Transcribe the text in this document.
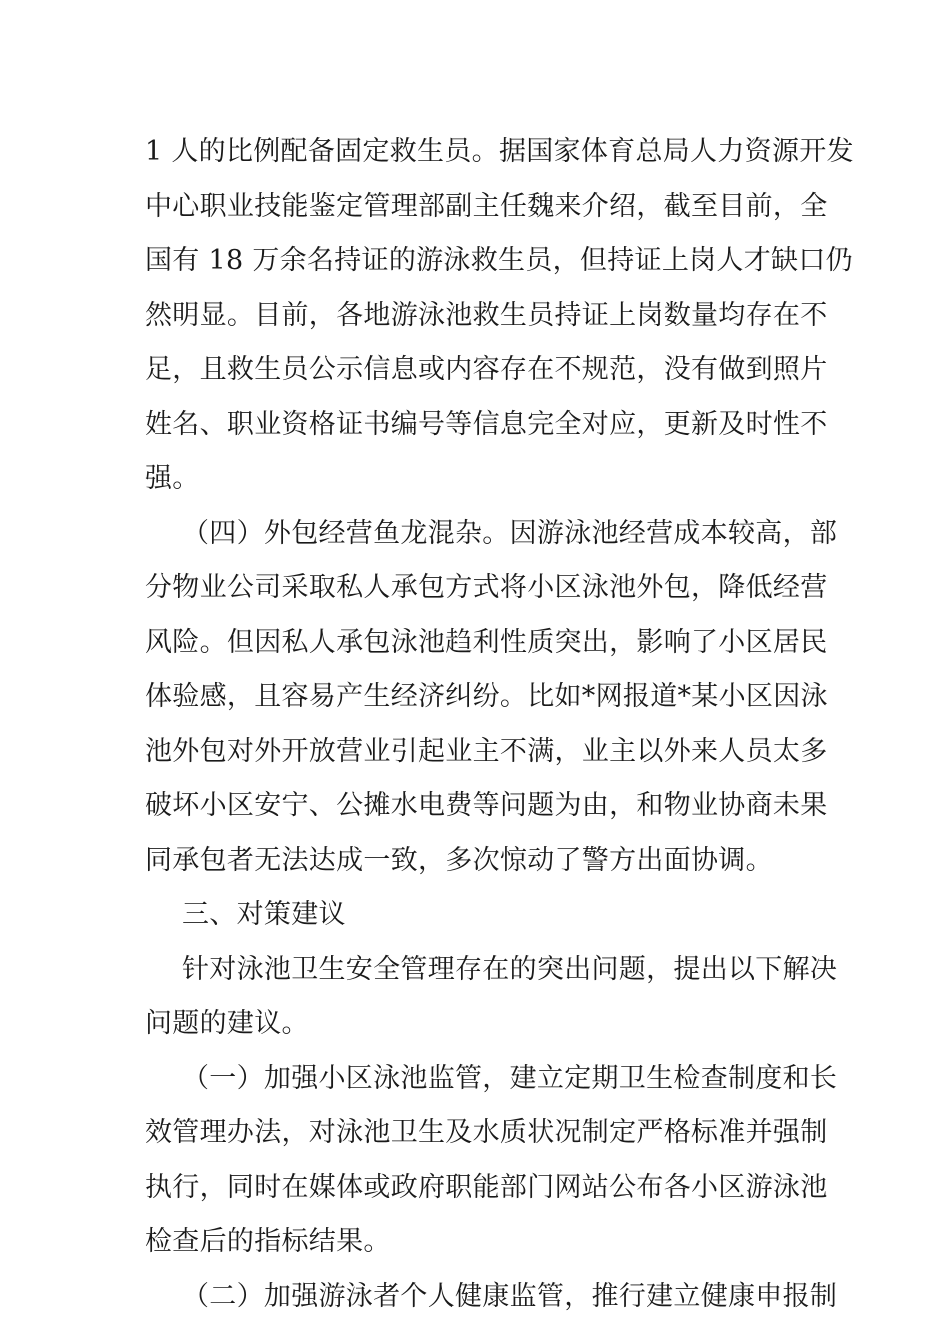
1 人的比例配备固定救生员。据国家体育总局人力资源开发
中心职业技能鉴定管理部副主任魏来介绍，截至目前，全
国有 18 万余名持证的游泳救生员，但持证上岗人才缺口仍
然明显。目前，各地游泳池救生员持证上岗数量均存在不
足，且救生员公示信息或内容存在不规范，没有做到照片
姓名、职业资格证书编号等信息完全对应，更新及时性不
强。
（四）外包经营鱼龙混杂。因游泳池经营成本较高，部
分物业公司采取私人承包方式将小区泳池外包，降低经营
风险。但因私人承包泳池趋利性质突出，影响了小区居民
体验感，且容易产生经济纠纷。比如*网报道*某小区因泳
池外包对外开放营业引起业主不满，业主以外来人员太多
破坏小区安宁、公摊水电费等问题为由，和物业协商未果
同承包者无法达成一致，多次惊动了警方出面协调。
三、对策建议
针对泳池卫生安全管理存在的突出问题，提出以下解决
问题的建议。
（一）加强小区泳池监管，建立定期卫生检查制度和长
效管理办法，对泳池卫生及水质状况制定严格标准并强制
执行，同时在媒体或政府职能部门网站公布各小区游泳池
检查后的指标结果。
（二）加强游泳者个人健康监管，推行建立健康申报制
